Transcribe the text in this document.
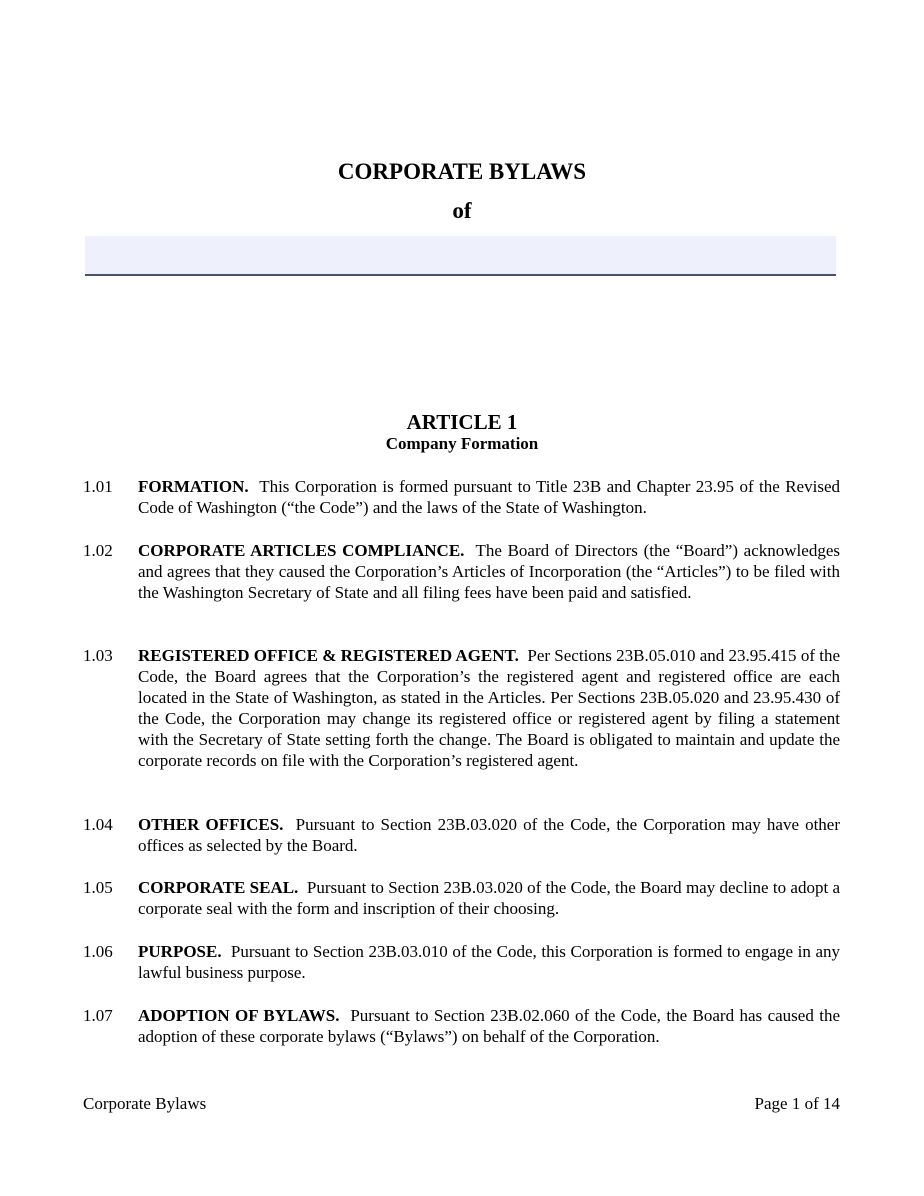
CORPORATE BYLAWS
of
ARTICLE 1
Company Formation
1.01	FORMATION. This Corporation is formed pursuant to Title 23B and Chapter 23.95 of the Revised Code of Washington (“the Code”) and the laws of the State of Washington.
1.02	CORPORATE ARTICLES COMPLIANCE. The Board of Directors (the “Board”) acknowledges and agrees that they caused the Corporation’s Articles of Incorporation (the “Articles”) to be filed with the Washington Secretary of State and all filing fees have been paid and satisfied.
1.03	REGISTERED OFFICE & REGISTERED AGENT. Per Sections 23B.05.010 and 23.95.415 of the Code, the Board agrees that the Corporation’s the registered agent and registered office are each located in the State of Washington, as stated in the Articles. Per Sections 23B.05.020 and 23.95.430 of the Code, the Corporation may change its registered office or registered agent by filing a statement with the Secretary of State setting forth the change. The Board is obligated to maintain and update the corporate records on file with the Corporation’s registered agent.
1.04	OTHER OFFICES. Pursuant to Section 23B.03.020 of the Code, the Corporation may have other offices as selected by the Board.
1.05	CORPORATE SEAL. Pursuant to Section 23B.03.020 of the Code, the Board may decline to adopt a corporate seal with the form and inscription of their choosing.
1.06	PURPOSE. Pursuant to Section 23B.03.010 of the Code, this Corporation is formed to engage in any lawful business purpose.
1.07	ADOPTION OF BYLAWS. Pursuant to Section 23B.02.060 of the Code, the Board has caused the adoption of these corporate bylaws (“Bylaws”) on behalf of the Corporation.
Corporate Bylaws	Page 1 of 14
